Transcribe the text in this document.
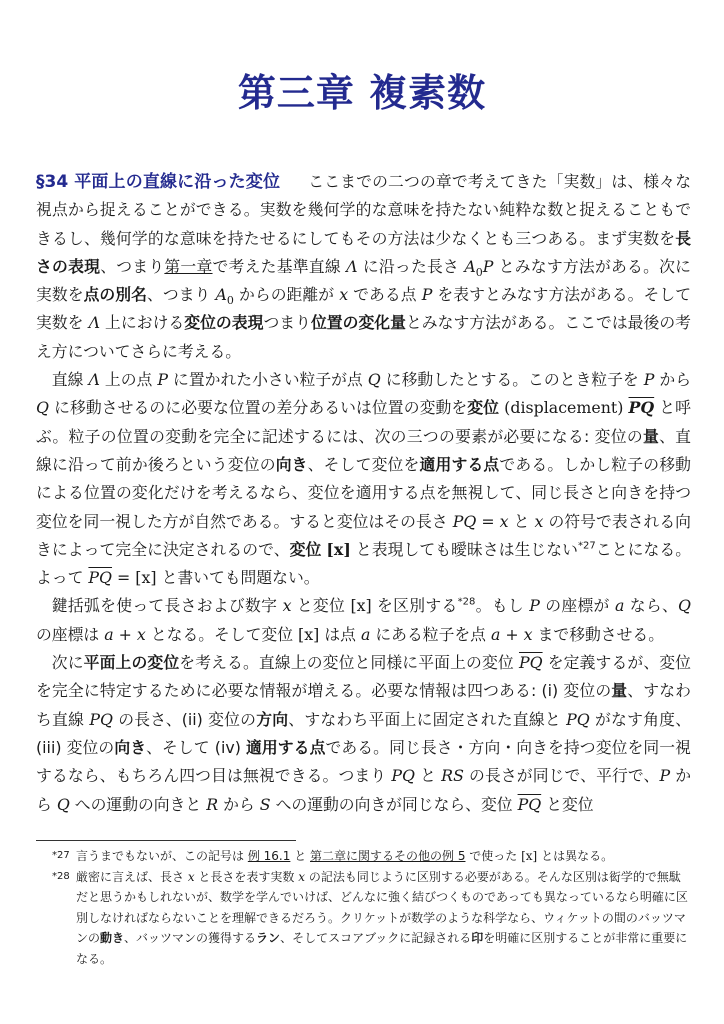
第三章 複素数

§34 平面上の直線に沿った変位 ここまでの二つの章で考えてきた「実数」は、様々な視点から捉えることができる。実数を幾何学的な意味を持たない純粋な数と捉えることもできるし、幾何学的な意味を持たせるにしてもその方法は少なくとも三つある。まず実数を長さの表現、つまり第一章で考えた基準直線 Λ に沿った長さ $A_0P$ とみなす方法がある。次に実数を点の別名、つまり $A_0$ からの距離が x である点 P を表すとみなす方法がある。そして実数を Λ 上における変位の表現つまり位置の変化量とみなす方法がある。ここでは最後の考え方についてさらに考える。

直線 Λ 上の点 P に置かれた小さい粒子が点 Q に移動したとする。このとき粒子を P から Q に移動させるのに必要な位置の差分あるいは位置の変動を変位 (displacement) $\overline{PQ}$ と呼ぶ。粒子の位置の変動を完全に記述するには、次の三つの要素が必要になる: 変位の量、直線に沿って前か後ろという変位の向き、そして変位を適用する点である。しかし粒子の移動による位置の変化だけを考えるなら、変位を適用する点を無視して、同じ長さと向きを持つ変位を同一視した方が自然である。すると変位はその長さ PQ = x と x の符号で表される向きによって完全に決定されるので、変位 [x] と表現しても曖昧さは生じない$^{*27}$ことになる。よって $\overline{PQ} = [x]$ と書いても問題ない。

鍵括弧を使って長さおよび数字 x と変位 [x] を区別する$^{*28}$。もし P の座標が a なら、Q の座標は a + x となる。そして変位 [x] は点 a にある粒子を点 a + x まで移動させる。

次に平面上の変位を考える。直線上の変位と同様に平面上の変位 $\overline{PQ}$ を定義するが、変位を完全に特定するために必要な情報が増える。必要な情報は四つある: (i) 変位の量、すなわち直線 PQ の長さ、(ii) 変位の方向、すなわち平面上に固定された直線と PQ がなす角度、(iii) 変位の向き、そして (iv) 適用する点である。同じ長さ・方向・向きを持つ変位を同一視するなら、もちろん四つ目は無視できる。つまり PQ と RS の長さが同じで、平行で、P から Q への運動の向きと R から S への運動の向きが同じなら、変位 $\overline{PQ}$ と変位

*27 言うまでもないが、この記号は 例 16.1 と 第二章に関するその他の例 5 で使った [x] とは異なる。

*28 厳密に言えば、長さ x と長さを表す実数 x の記法も同じように区別する必要がある。そんな区別は衒学的で無駄だと思うかもしれないが、数学を学んでいけば、どんなに強く結びつくものであっても異なっているなら明確に区別しなければならないことを理解できるだろう。クリケットが数学のような科学なら、ウィケットの間のバッツマンの動き、バッツマンの獲得するラン、そしてスコアブックに記録される印を明確に区別することが非常に重要になる。
